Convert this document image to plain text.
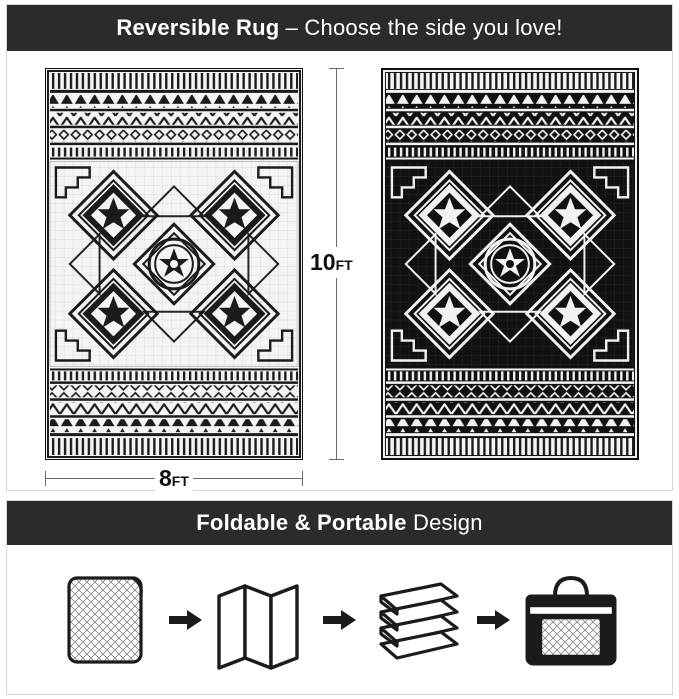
Reversible Rug – Choose the side you love!
10FT
8FT
Foldable & Portable Design
